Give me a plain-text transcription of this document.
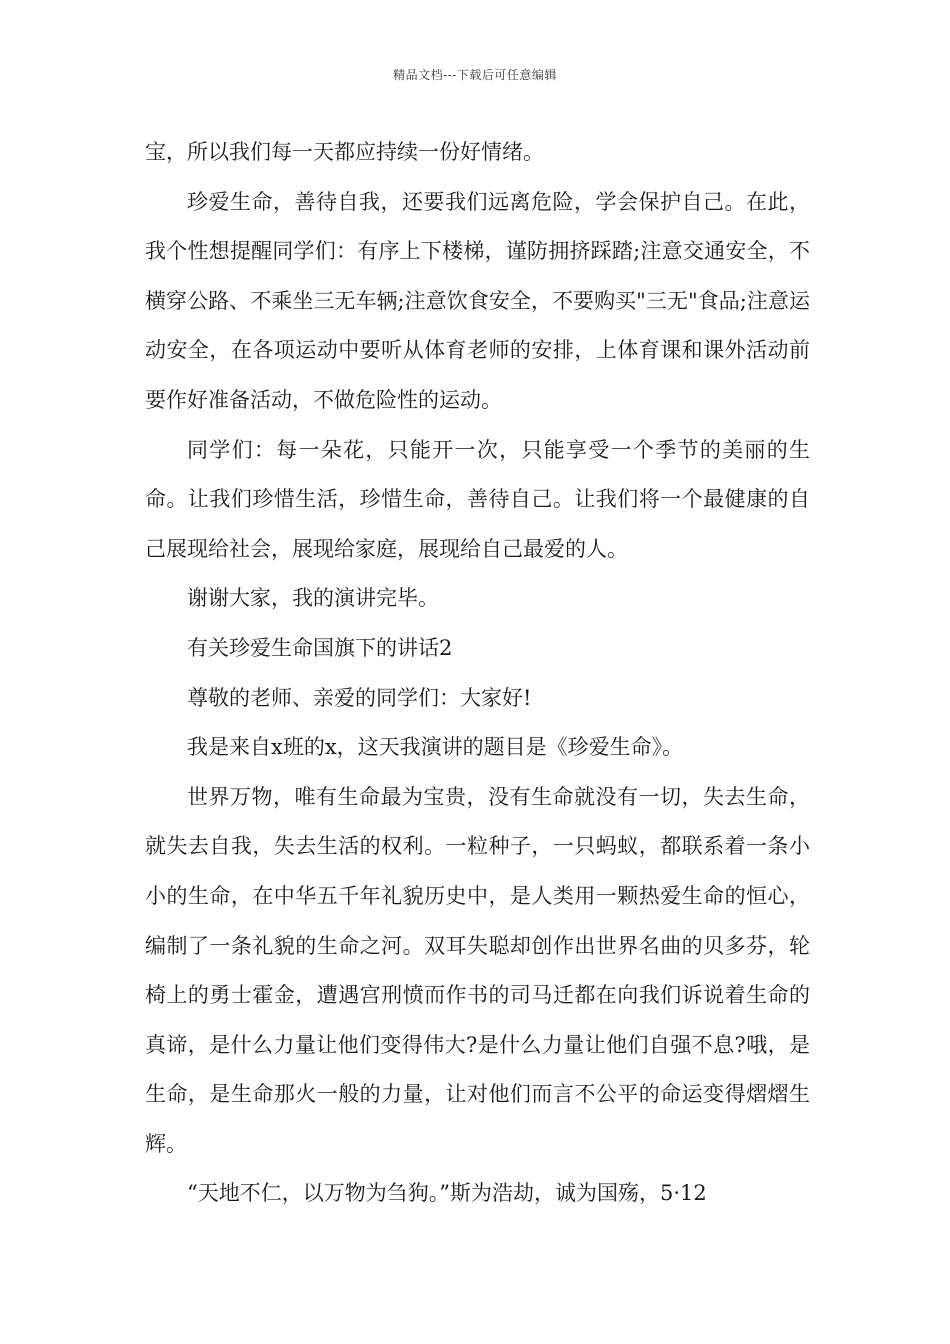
精品文档---下载后可任意编辑

宝，所以我们每一天都应持续一份好情绪。

珍爱生命，善待自我，还要我们远离危险，学会保护自己。在此，我个性想提醒同学们：有序上下楼梯，谨防拥挤踩踏;注意交通安全，不横穿公路、不乘坐三无车辆;注意饮食安全，不要购买"三无"食品;注意运动安全，在各项运动中要听从体育老师的安排，上体育课和课外活动前要作好准备活动，不做危险性的运动。

同学们：每一朵花，只能开一次，只能享受一个季节的美丽的生命。让我们珍惜生活，珍惜生命，善待自己。让我们将一个最健康的自己展现给社会，展现给家庭，展现给自己最爱的人。

谢谢大家，我的演讲完毕。

有关珍爱生命国旗下的讲话2

尊敬的老师、亲爱的同学们：大家好!

我是来自x班的x，这天我演讲的题目是《珍爱生命》。

世界万物，唯有生命最为宝贵，没有生命就没有一切，失去生命，就失去自我，失去生活的权利。一粒种子，一只蚂蚁，都联系着一条小小的生命，在中华五千年礼貌历史中，是人类用一颗热爱生命的恒心，编制了一条礼貌的生命之河。双耳失聪却创作出世界名曲的贝多芬，轮椅上的勇士霍金，遭遇宫刑愤而作书的司马迁都在向我们诉说着生命的真谛，是什么力量让他们变得伟大?是什么力量让他们自强不息?哦，是生命，是生命那火一般的力量，让对他们而言不公平的命运变得熠熠生辉。

“天地不仁，以万物为刍狗。”斯为浩劫，诚为国殇，5·12
